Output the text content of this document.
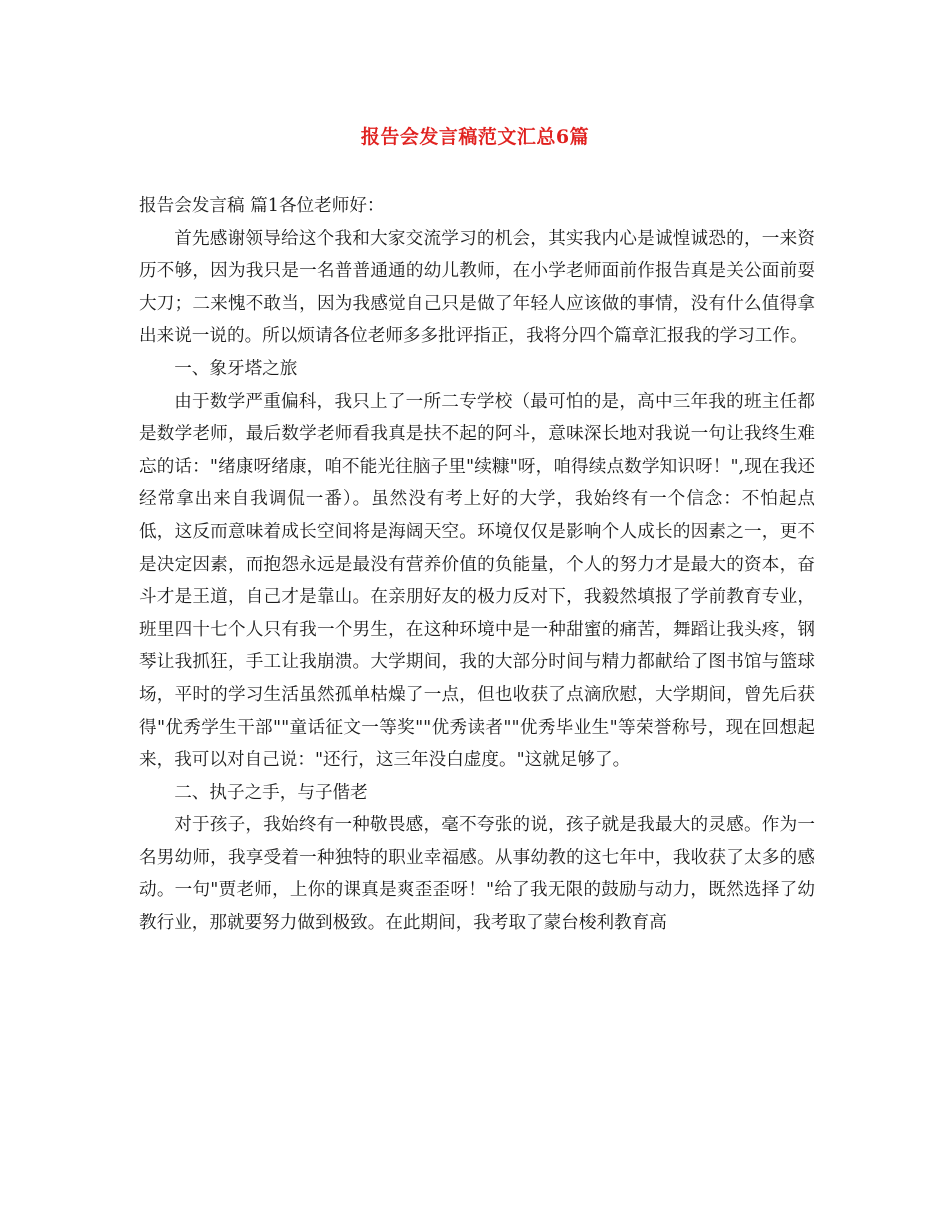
报告会发言稿范文汇总6篇

报告会发言稿 篇1各位老师好：

首先感谢领导给这个我和大家交流学习的机会，其实我内心是诚惶诚恐的，一来资历不够，因为我只是一名普普通通的幼儿教师，在小学老师面前作报告真是关公面前耍大刀；二来愧不敢当，因为我感觉自己只是做了年轻人应该做的事情，没有什么值得拿出来说一说的。所以烦请各位老师多多批评指正，我将分四个篇章汇报我的学习工作。

一、象牙塔之旅

由于数学严重偏科，我只上了一所二专学校（最可怕的是，高中三年我的班主任都是数学老师，最后数学老师看我真是扶不起的阿斗，意味深长地对我说一句让我终生难忘的话："绪康呀绪康，咱不能光往脑子里"续糠"呀，咱得续点数学知识呀！",现在我还经常拿出来自我调侃一番）。虽然没有考上好的大学，我始终有一个信念：不怕起点低，这反而意味着成长空间将是海阔天空。环境仅仅是影响个人成长的因素之一，更不是决定因素，而抱怨永远是最没有营养价值的负能量，个人的努力才是最大的资本，奋斗才是王道，自己才是靠山。在亲朋好友的极力反对下，我毅然填报了学前教育专业，班里四十七个人只有我一个男生，在这种环境中是一种甜蜜的痛苦，舞蹈让我头疼，钢琴让我抓狂，手工让我崩溃。大学期间，我的大部分时间与精力都献给了图书馆与篮球场，平时的学习生活虽然孤单枯燥了一点，但也收获了点滴欣慰，大学期间，曾先后获得"优秀学生干部""童话征文一等奖""优秀读者""优秀毕业生"等荣誉称号，现在回想起来，我可以对自己说："还行，这三年没白虚度。"这就足够了。

二、执子之手，与子偕老

对于孩子，我始终有一种敬畏感，毫不夸张的说，孩子就是我最大的灵感。作为一名男幼师，我享受着一种独特的职业幸福感。从事幼教的这七年中，我收获了太多的感动。一句"贾老师，上你的课真是爽歪歪呀！"给了我无限的鼓励与动力，既然选择了幼教行业，那就要努力做到极致。在此期间，我考取了蒙台梭利教育高
